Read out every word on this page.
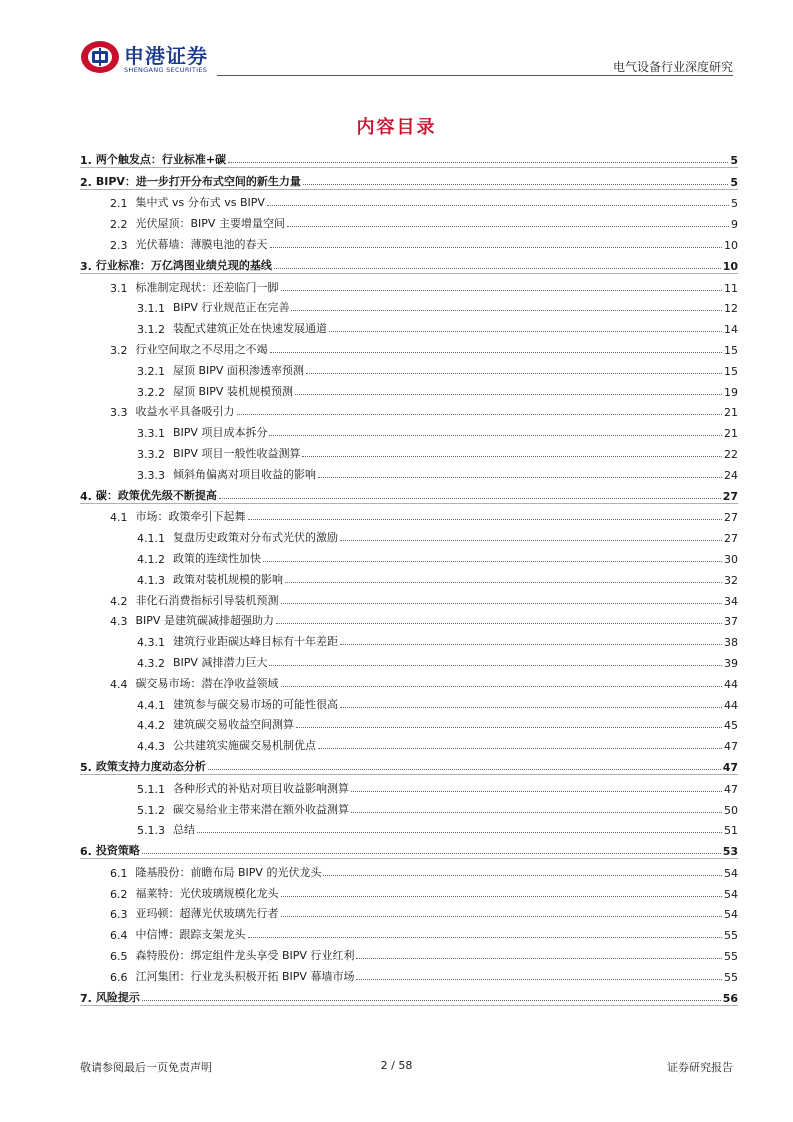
申港证券
SHENGANG SECURITIES	电气设备行业深度研究
内容目录
1. 两个触发点：行业标准+碳	5
2. BIPV：进一步打开分布式空间的新生力量	5
2.1 集中式 vs 分布式 vs BIPV	5
2.2 光伏屋顶：BIPV 主要增量空间	9
2.3 光伏幕墙：薄膜电池的春天	10
3. 行业标准：万亿鸿图业绩兑现的基线	10
3.1 标准制定现状：还差临门一脚	11
3.1.1 BIPV 行业规范正在完善	12
3.1.2 装配式建筑正处在快速发展通道	14
3.2 行业空间取之不尽用之不竭	15
3.2.1 屋顶 BIPV 面积渗透率预测	15
3.2.2 屋顶 BIPV 装机规模预测	19
3.3 收益水平具备吸引力	21
3.3.1 BIPV 项目成本拆分	21
3.3.2 BIPV 项目一般性收益测算	22
3.3.3 倾斜角偏离对项目收益的影响	24
4. 碳：政策优先级不断提高	27
4.1 市场：政策牵引下起舞	27
4.1.1 复盘历史政策对分布式光伏的激励	27
4.1.2 政策的连续性加快	30
4.1.3 政策对装机规模的影响	32
4.2 非化石消费指标引导装机预测	34
4.3 BIPV 是建筑碳减排超强助力	37
4.3.1 建筑行业距碳达峰目标有十年差距	38
4.3.2 BIPV 减排潜力巨大	39
4.4 碳交易市场：潜在净收益领域	44
4.4.1 建筑参与碳交易市场的可能性很高	44
4.4.2 建筑碳交易收益空间测算	45
4.4.3 公共建筑实施碳交易机制优点	47
5. 政策支持力度动态分析	47
5.1.1 各种形式的补贴对项目收益影响测算	47
5.1.2 碳交易给业主带来潜在额外收益测算	50
5.1.3 总结	51
6. 投资策略	53
6.1 隆基股份：前瞻布局 BIPV 的光伏龙头	54
6.2 福莱特：光伏玻璃规模化龙头	54
6.3 亚玛顿：超薄光伏玻璃先行者	54
6.4 中信博：跟踪支架龙头	55
6.5 森特股份：绑定组件龙头享受 BIPV 行业红利	55
6.6 江河集团：行业龙头积极开拓 BIPV 幕墙市场	55
7. 风险提示	56
敬请参阅最后一页免责声明	2 / 58	证券研究报告
